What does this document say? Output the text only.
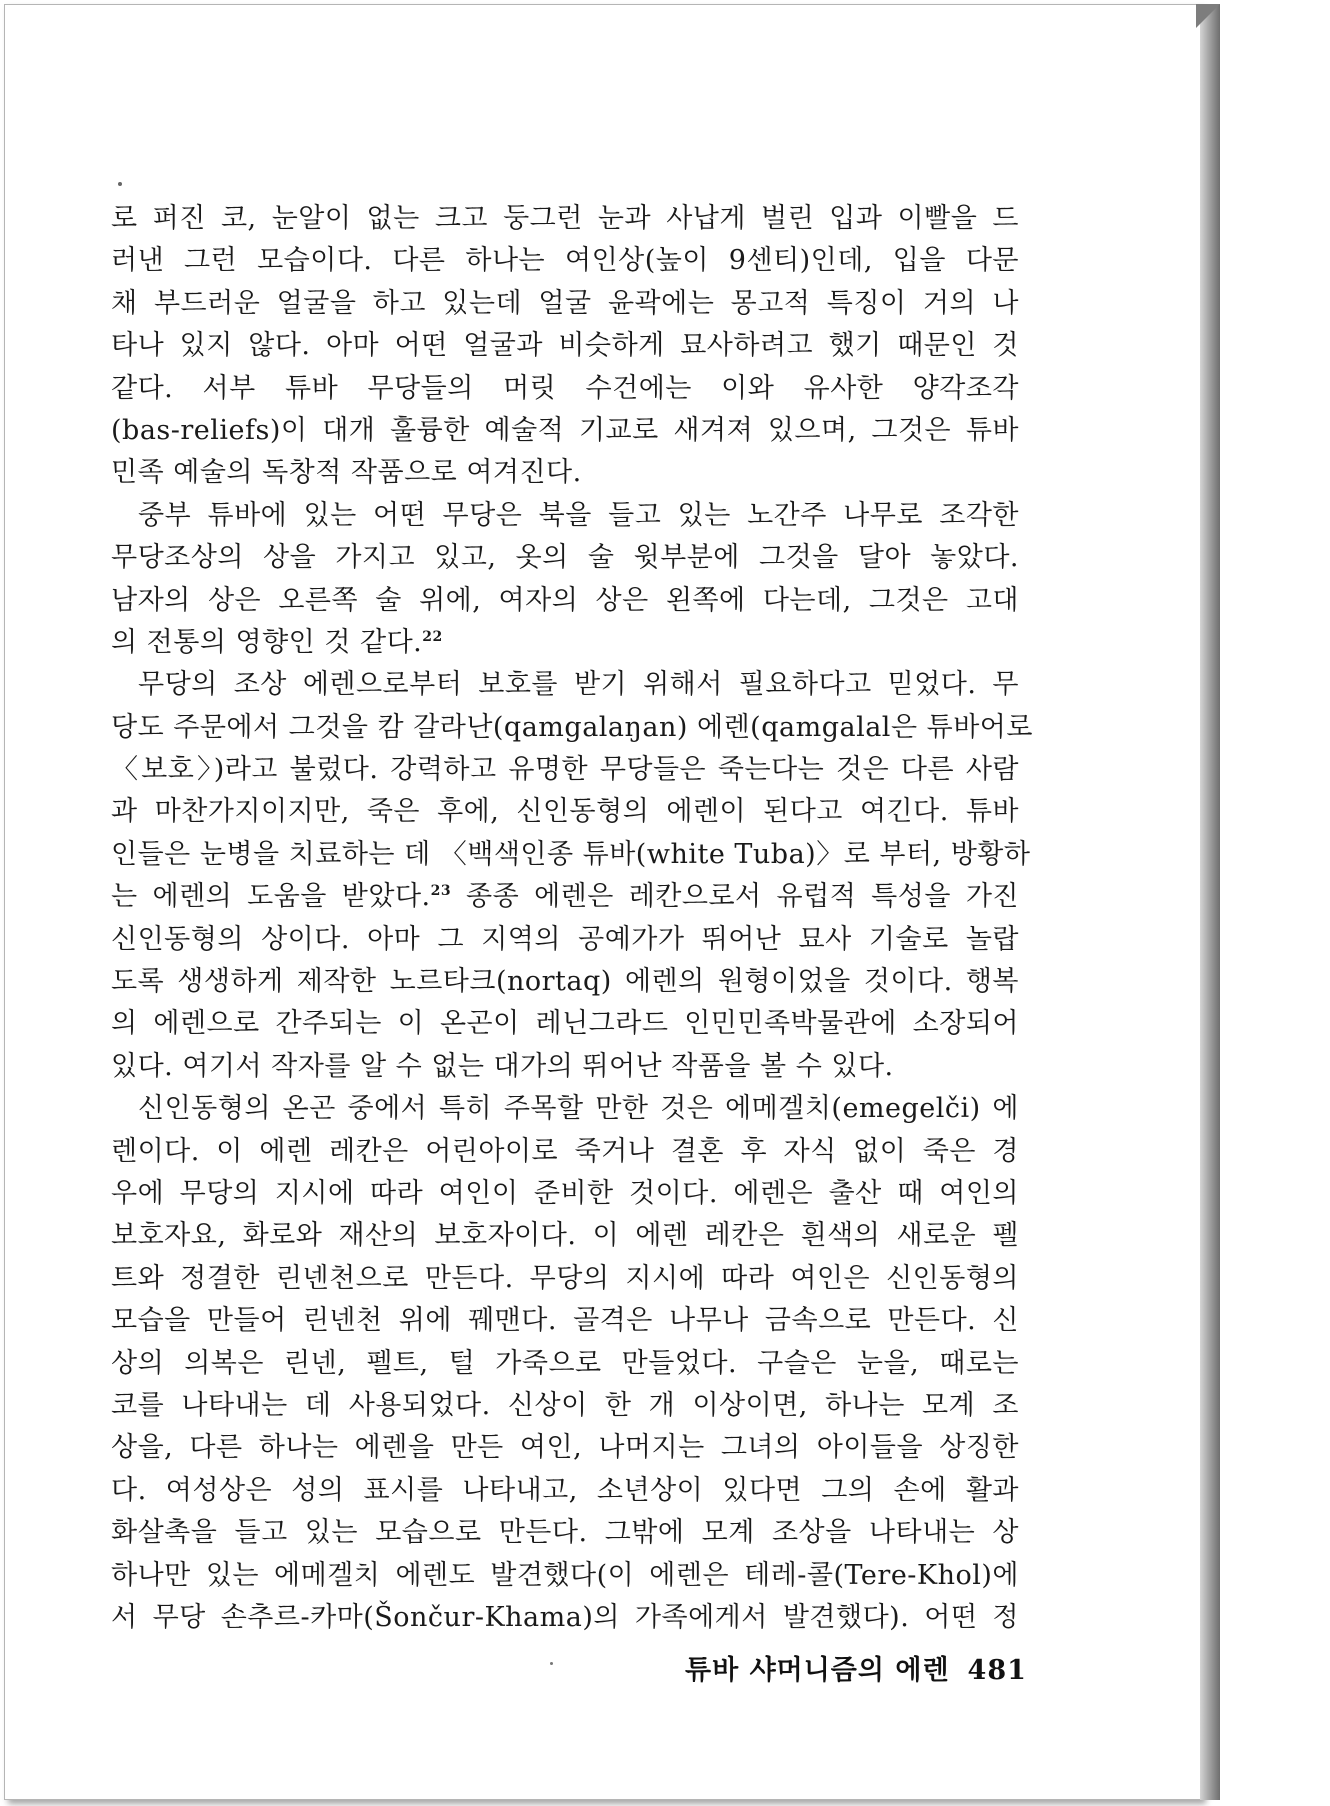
로 퍼진 코, 눈알이 없는 크고 둥그런 눈과 사납게 벌린 입과 이빨을 드
러낸 그런 모습이다. 다른 하나는 여인상(높이 9센티)인데, 입을 다문
채 부드러운 얼굴을 하고 있는데 얼굴 윤곽에는 몽고적 특징이 거의 나
타나 있지 않다. 아마 어떤 얼굴과 비슷하게 묘사하려고 했기 때문인 것
같다. 서부 튜바 무당들의 머릿 수건에는 이와 유사한 양각조각
(bas-reliefs)이 대개 훌륭한 예술적 기교로 새겨져 있으며, 그것은 튜바
민족 예술의 독창적 작품으로 여겨진다.
중부 튜바에 있는 어떤 무당은 북을 들고 있는 노간주 나무로 조각한
무당조상의 상을 가지고 있고, 옷의 술 윗부분에 그것을 달아 놓았다.
남자의 상은 오른쪽 술 위에, 여자의 상은 왼쪽에 다는데, 그것은 고대
의 전통의 영향인 것 같다.$^{22}$
무당의 조상 에렌으로부터 보호를 받기 위해서 필요하다고 믿었다. 무
당도 주문에서 그것을 캄 갈라난(qamgalaŋan) 에렌(qamgalal은 튜바어로
〈보호〉)라고 불렀다. 강력하고 유명한 무당들은 죽는다는 것은 다른 사람
과 마찬가지이지만, 죽은 후에, 신인동형의 에렌이 된다고 여긴다. 튜바
인들은 눈병을 치료하는 데 〈백색인종 튜바(white Tuba)〉로 부터, 방황하
는 에렌의 도움을 받았다.$^{23}$ 종종 에렌은 레칸으로서 유럽적 특성을 가진
신인동형의 상이다. 아마 그 지역의 공예가가 뛰어난 묘사 기술로 놀랍
도록 생생하게 제작한 노르타크(nortaq) 에렌의 원형이었을 것이다. 행복
의 에렌으로 간주되는 이 온곤이 레닌그라드 인민민족박물관에 소장되어
있다. 여기서 작자를 알 수 없는 대가의 뛰어난 작품을 볼 수 있다.
신인동형의 온곤 중에서 특히 주목할 만한 것은 에메겔치(emegelči) 에
렌이다. 이 에렌 레칸은 어린아이로 죽거나 결혼 후 자식 없이 죽은 경
우에 무당의 지시에 따라 여인이 준비한 것이다. 에렌은 출산 때 여인의
보호자요, 화로와 재산의 보호자이다. 이 에렌 레칸은 흰색의 새로운 펠
트와 정결한 린넨천으로 만든다. 무당의 지시에 따라 여인은 신인동형의
모습을 만들어 린넨천 위에 꿰맨다. 골격은 나무나 금속으로 만든다. 신
상의 의복은 린넨, 펠트, 털 가죽으로 만들었다. 구슬은 눈을, 때로는
코를 나타내는 데 사용되었다. 신상이 한 개 이상이면, 하나는 모계 조
상을, 다른 하나는 에렌을 만든 여인, 나머지는 그녀의 아이들을 상징한
다. 여성상은 성의 표시를 나타내고, 소년상이 있다면 그의 손에 활과
화살촉을 들고 있는 모습으로 만든다. 그밖에 모계 조상을 나타내는 상
하나만 있는 에메겔치 에렌도 발견했다(이 에렌은 테레-콜(Tere-Khol)에
서 무당 손추르-카마(Šončur-Khama)의 가족에게서 발견했다). 어떤 정
튜바 샤머니즘의 에렌 481
